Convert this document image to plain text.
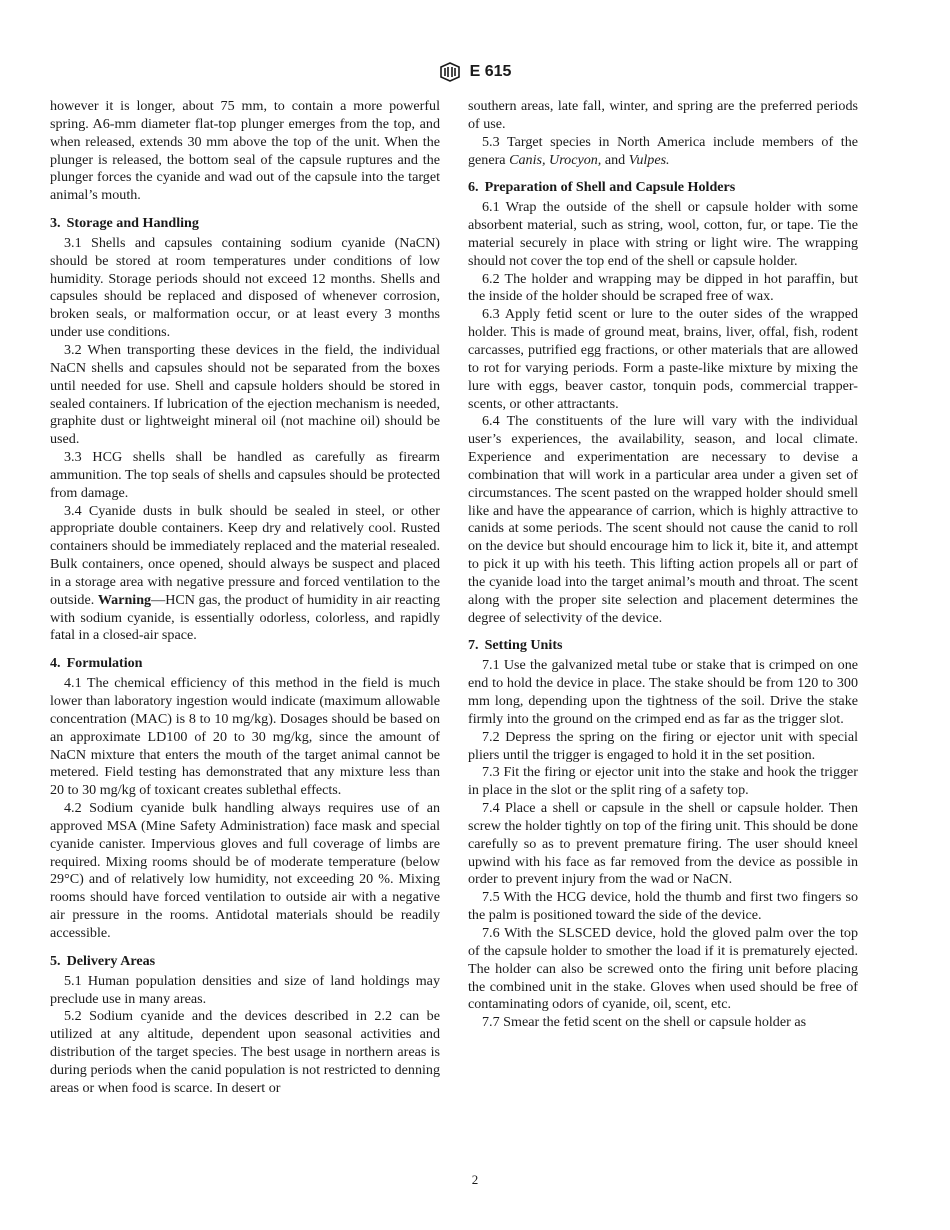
E 615

however it is longer, about 75 mm, to contain a more powerful spring. A6-mm diameter flat-top plunger emerges from the top, and when released, extends 30 mm above the top of the unit. When the plunger is released, the bottom seal of the capsule ruptures and the plunger forces the cyanide and wad out of the capsule into the target animal’s mouth.

3. Storage and Handling

3.1 Shells and capsules containing sodium cyanide (NaCN) should be stored at room temperatures under conditions of low humidity. Storage periods should not exceed 12 months. Shells and capsules should be replaced and disposed of whenever corrosion, broken seals, or malformation occur, or at least every 3 months under use conditions.

3.2 When transporting these devices in the field, the individual NaCN shells and capsules should not be separated from the boxes until needed for use. Shell and capsule holders should be stored in sealed containers. If lubrication of the ejection mechanism is needed, graphite dust or lightweight mineral oil (not machine oil) should be used.

3.3 HCG shells shall be handled as carefully as firearm ammunition. The top seals of shells and capsules should be protected from damage.

3.4 Cyanide dusts in bulk should be sealed in steel, or other appropriate double containers. Keep dry and relatively cool. Rusted containers should be immediately replaced and the material resealed. Bulk containers, once opened, should always be suspect and placed in a storage area with negative pressure and forced ventilation to the outside. Warning—HCN gas, the product of humidity in air reacting with sodium cyanide, is essentially odorless, colorless, and rapidly fatal in a closed-air space.

4. Formulation

4.1 The chemical efficiency of this method in the field is much lower than laboratory ingestion would indicate (maximum allowable concentration (MAC) is 8 to 10 mg/kg). Dosages should be based on an approximate LD100 of 20 to 30 mg/kg, since the amount of NaCN mixture that enters the mouth of the target animal cannot be metered. Field testing has demonstrated that any mixture less than 20 to 30 mg/kg of toxicant creates sublethal effects.

4.2 Sodium cyanide bulk handling always requires use of an approved MSA (Mine Safety Administration) face mask and special cyanide canister. Impervious gloves and full coverage of limbs are required. Mixing rooms should be of moderate temperature (below 29°C) and of relatively low humidity, not exceeding 20 %. Mixing rooms should have forced ventilation to outside air with a negative air pressure in the rooms. Antidotal materials should be readily accessible.

5. Delivery Areas

5.1 Human population densities and size of land holdings may preclude use in many areas.

5.2 Sodium cyanide and the devices described in 2.2 can be utilized at any altitude, dependent upon seasonal activities and distribution of the target species. The best usage in northern areas is during periods when the canid population is not restricted to denning areas or when food is scarce. In desert or

southern areas, late fall, winter, and spring are the preferred periods of use.

5.3 Target species in North America include members of the genera Canis, Urocyon, and Vulpes.

6. Preparation of Shell and Capsule Holders

6.1 Wrap the outside of the shell or capsule holder with some absorbent material, such as string, wool, cotton, fur, or tape. Tie the material securely in place with string or light wire. The wrapping should not cover the top end of the shell or capsule holder.

6.2 The holder and wrapping may be dipped in hot paraffin, but the inside of the holder should be scraped free of wax.

6.3 Apply fetid scent or lure to the outer sides of the wrapped holder. This is made of ground meat, brains, liver, offal, fish, rodent carcasses, putrified egg fractions, or other materials that are allowed to rot for varying periods. Form a paste-like mixture by mixing the lure with eggs, beaver castor, tonquin pods, commercial trapper-scents, or other attractants.

6.4 The constituents of the lure will vary with the individual user’s experiences, the availability, season, and local climate. Experience and experimentation are necessary to devise a combination that will work in a particular area under a given set of circumstances. The scent pasted on the wrapped holder should smell like and have the appearance of carrion, which is highly attractive to canids at some periods. The scent should not cause the canid to roll on the device but should encourage him to lick it, bite it, and attempt to pick it up with his teeth. This lifting action propels all or part of the cyanide load into the target animal’s mouth and throat. The scent along with the proper site selection and placement determines the degree of selectivity of the device.

7. Setting Units

7.1 Use the galvanized metal tube or stake that is crimped on one end to hold the device in place. The stake should be from 120 to 300 mm long, depending upon the tightness of the soil. Drive the stake firmly into the ground on the crimped end as far as the trigger slot.

7.2 Depress the spring on the firing or ejector unit with special pliers until the trigger is engaged to hold it in the set position.

7.3 Fit the firing or ejector unit into the stake and hook the trigger in place in the slot or the split ring of a safety top.

7.4 Place a shell or capsule in the shell or capsule holder. Then screw the holder tightly on top of the firing unit. This should be done carefully so as to prevent premature firing. The user should kneel upwind with his face as far removed from the device as possible in order to prevent injury from the wad or NaCN.

7.5 With the HCG device, hold the thumb and first two fingers so the palm is positioned toward the side of the device.

7.6 With the SLSCED device, hold the gloved palm over the top of the capsule holder to smother the load if it is prematurely ejected. The holder can also be screwed onto the firing unit before placing the combined unit in the stake. Gloves when used should be free of contaminating odors of cyanide, oil, scent, etc.

7.7 Smear the fetid scent on the shell or capsule holder as

2
